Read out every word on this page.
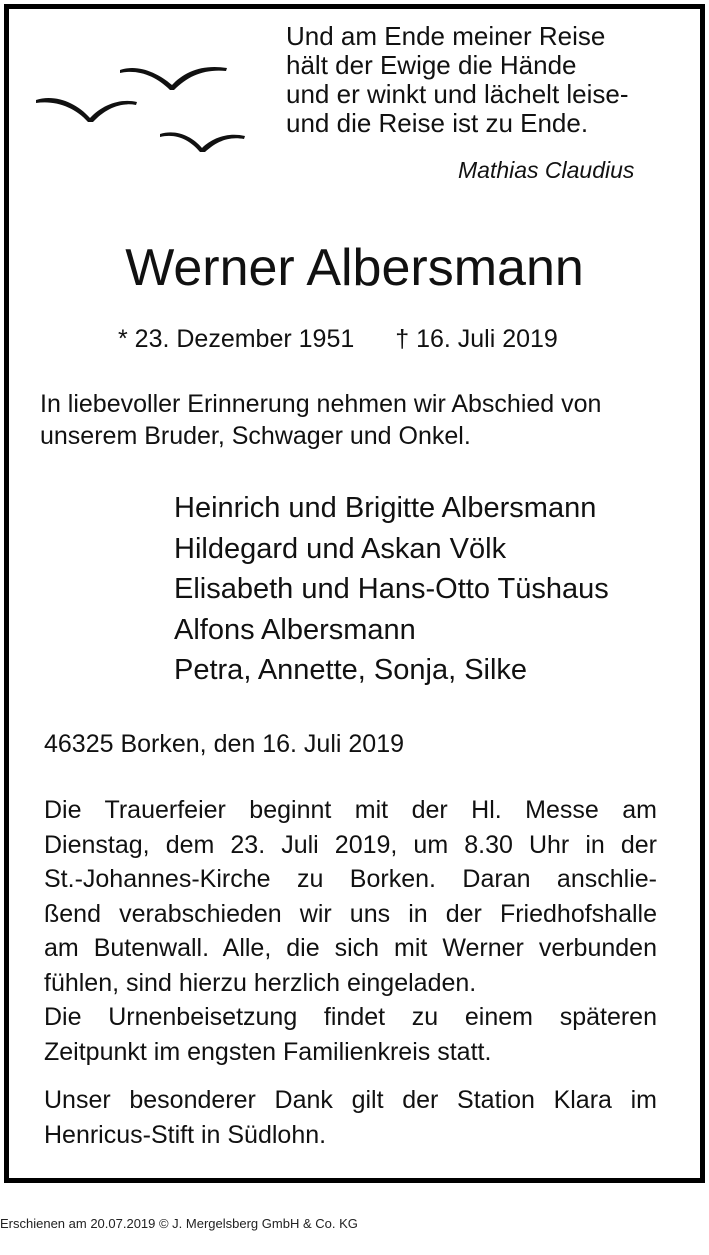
Und am Ende meiner Reise
hält der Ewige die Hände
und er winkt und lächelt leise-
und die Reise ist zu Ende.
Mathias Claudius
Werner Albersmann
* 23. Dezember 1951 † 16. Juli 2019
In liebevoller Erinnerung nehmen wir Abschied von
unserem Bruder, Schwager und Onkel.
Heinrich und Brigitte Albersmann
Hildegard und Askan Völk
Elisabeth und Hans-Otto Tüshaus
Alfons Albersmann
Petra, Annette, Sonja, Silke
46325 Borken, den 16. Juli 2019
Die Trauerfeier beginnt mit der Hl. Messe am
Dienstag, dem 23. Juli 2019, um 8.30 Uhr in der
St.-Johannes-Kirche zu Borken. Daran anschlie-
ßend verabschieden wir uns in der Friedhofshalle
am Butenwall. Alle, die sich mit Werner verbunden
fühlen, sind hierzu herzlich eingeladen.
Die Urnenbeisetzung findet zu einem späteren
Zeitpunkt im engsten Familienkreis statt.
Unser besonderer Dank gilt der Station Klara im
Henricus-Stift in Südlohn.
Erschienen am 20.07.2019 © J. Mergelsberg GmbH & Co. KG
